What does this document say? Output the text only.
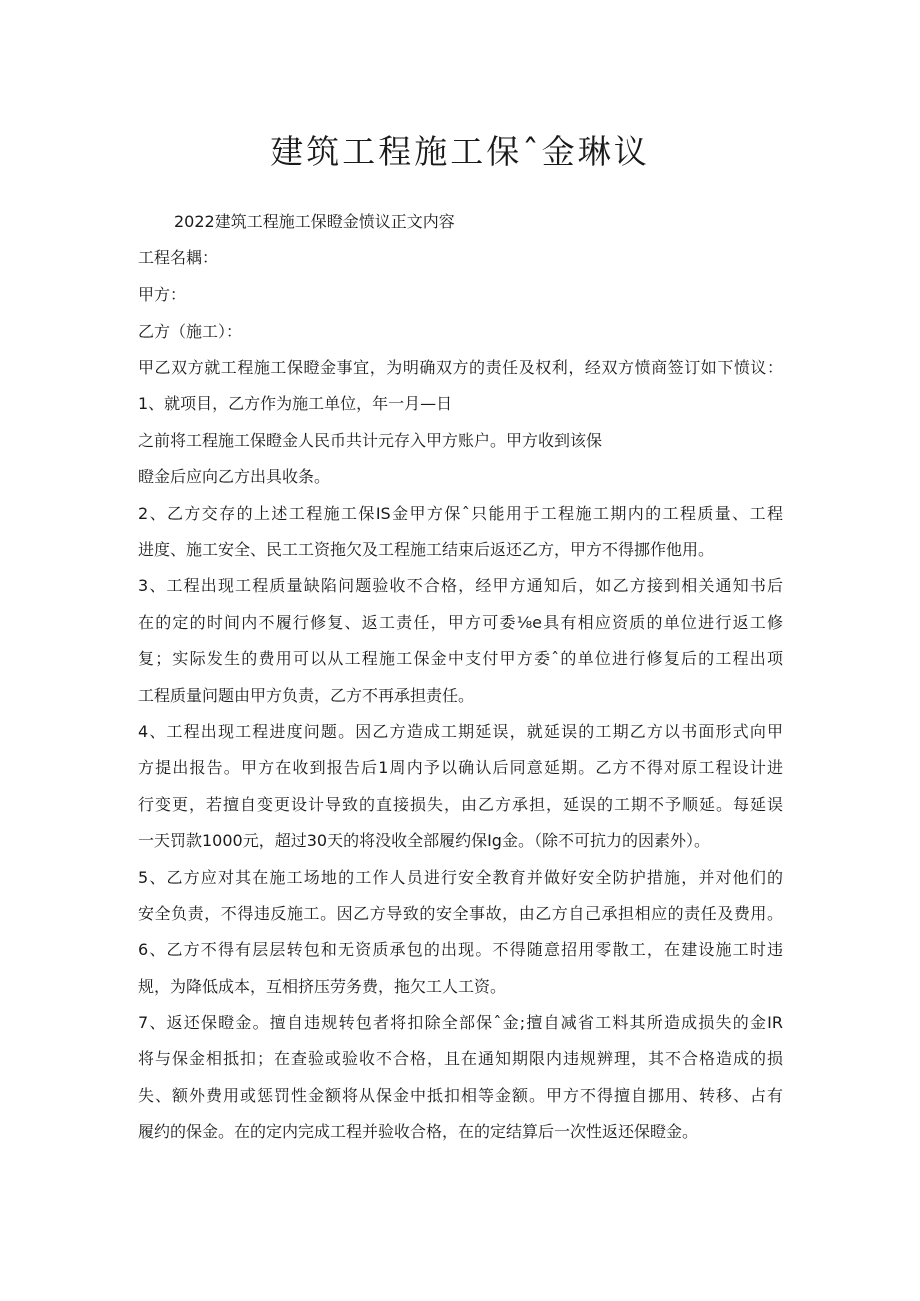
建筑工程施工保ˆ金琳议
2022建筑工程施工保瞪金愤议正文内容
工程名耦：
甲方：
乙方（施工）：
甲乙双方就工程施工保瞪金事宜，为明确双方的责任及权利，经双方愤商签订如下愤议：
1、就项目，乙方作为施工单位，年一月—日
之前将工程施工保瞪金人民币共计元存入甲方账户。甲方收到该保
瞪金后应向乙方出具收条。
2、乙方交存的上述工程施工保IS金甲方保ˆ只能用于工程施工期内的工程质量、工程
进度、施工安全、民工工资拖欠及工程施工结束后返还乙方，甲方不得挪作他用。
3、工程出现工程质量缺陷问题验收不合格，经甲方通知后，如乙方接到相关通知书后
在的定的时间内不履行修复、返工责任，甲方可委⅛e具有相应资质的单位进行返工修
复；实际发生的费用可以从工程施工保金中支付甲方委ˆ的单位进行修复后的工程出项
工程质量问题由甲方负责，乙方不再承担责任。
4、工程出现工程进度问题。因乙方造成工期延误，就延误的工期乙方以书面形式向甲
方提出报告。甲方在收到报告后1周内予以确认后同意延期。乙方不得对原工程设计进
行变更，若擅自变更设计导致的直接损失，由乙方承担，延误的工期不予顺延。每延误
一天罚款1000元，超过30天的将没收全部履约保Ig金。（除不可抗力的因素外）。
5、乙方应对其在施工场地的工作人员进行安全教育并做好安全防护措施，并对他们的
安全负责，不得违反施工。因乙方导致的安全事故，由乙方自己承担相应的责任及费用。
6、乙方不得有层层转包和无资质承包的出现。不得随意招用零散工，在建设施工时违
规，为降低成本，互相挤压劳务费，拖欠工人工资。
7、返还保瞪金。擅自违规转包者将扣除全部保ˆ金;擅自减省工料其所造成损失的金IR
将与保金相抵扣；在查验或验收不合格，且在通知期限内违规辨理，其不合格造成的损
失、额外费用或惩罚性金额将从保金中抵扣相等金额。甲方不得擅自挪用、转移、占有
履约的保金。在的定内完成工程并验收合格，在的定结算后一次性返还保瞪金。
